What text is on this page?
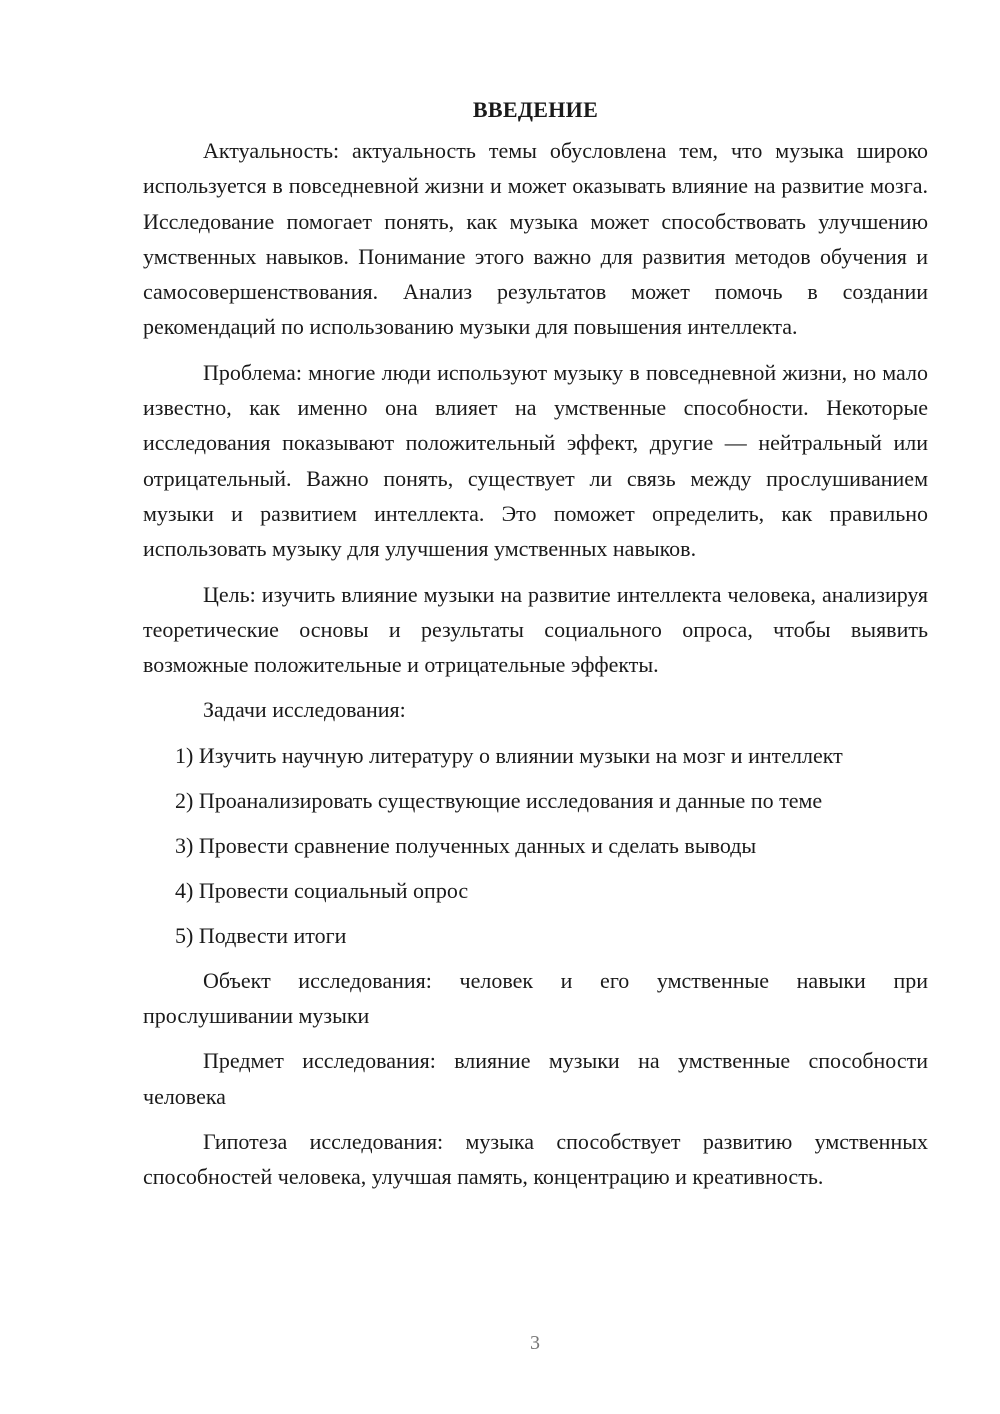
ВВЕДЕНИЕ

Актуальность: актуальность темы обусловлена тем, что музыка широко используется в повседневной жизни и может оказывать влияние на развитие мозга. Исследование помогает понять, как музыка может способствовать улучшению умственных навыков. Понимание этого важно для развития методов обучения и самосовершенствования. Анализ результатов может помочь в создании рекомендаций по использованию музыки для повышения интеллекта.

Проблема: многие люди используют музыку в повседневной жизни, но мало известно, как именно она влияет на умственные способности. Некоторые исследования показывают положительный эффект, другие — нейтральный или отрицательный. Важно понять, существует ли связь между прослушиванием музыки и развитием интеллекта. Это поможет определить, как правильно использовать музыку для улучшения умственных навыков.

Цель: изучить влияние музыки на развитие интеллекта человека, анализируя теоретические основы и результаты социального опроса, чтобы выявить возможные положительные и отрицательные эффекты.

Задачи исследования:

1) Изучить научную литературу о влиянии музыки на мозг и интеллект
2) Проанализировать существующие исследования и данные по теме
3) Провести сравнение полученных данных и сделать выводы
4) Провести социальный опрос
5) Подвести итоги

Объект исследования: человек и его умственные навыки при прослушивании музыки

Предмет исследования: влияние музыки на умственные способности человека

Гипотеза исследования: музыка способствует развитию умственных способностей человека, улучшая память, концентрацию и креативность.

3
